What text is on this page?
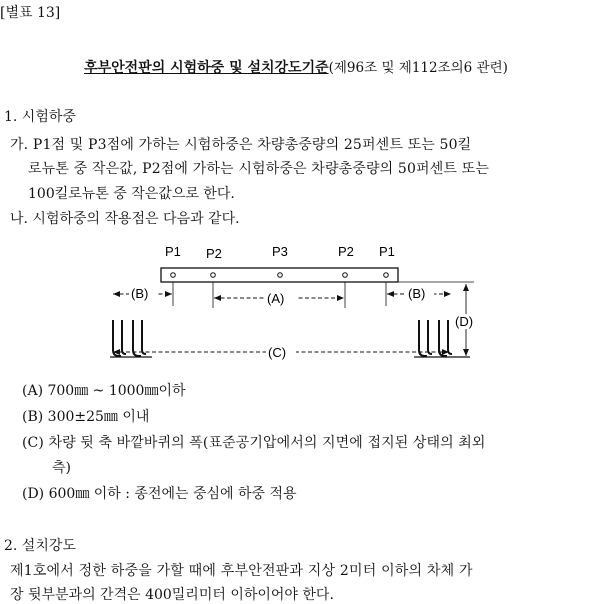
[별표 13]
후부안전판의 시험하중 및 설치강도기준(제96조 및 제112조의6 관련)
1. 시험하중
가. P1점 및 P3점에 가하는 시험하중은 차량총중량의 25퍼센트 또는 50킬
로뉴톤 중 작은값, P2점에 가하는 시험하중은 차량총중량의 50퍼센트 또는
100킬로뉴톤 중 작은값으로 한다.
나. 시험하중의 작용점은 다음과 같다.
P1 P2	P3	P2 P1
(A)
(B)	(B)
(D)
(C)
(A) 700㎜ ~ 1000㎜이하
(B) 300±25㎜ 이내
(C) 차량 뒷 축 바깥바퀴의 폭(표준공기압에서의 지면에 접지된 상태의 최외
측)
(D) 600㎜ 이하 : 종전에는 중심에 하중 적용
2. 설치강도
제1호에서 정한 하중을 가할 때에 후부안전판과 지상 2미터 이하의 차체 가
장 뒷부분과의 간격은 400밀리미터 이하이어야 한다.
